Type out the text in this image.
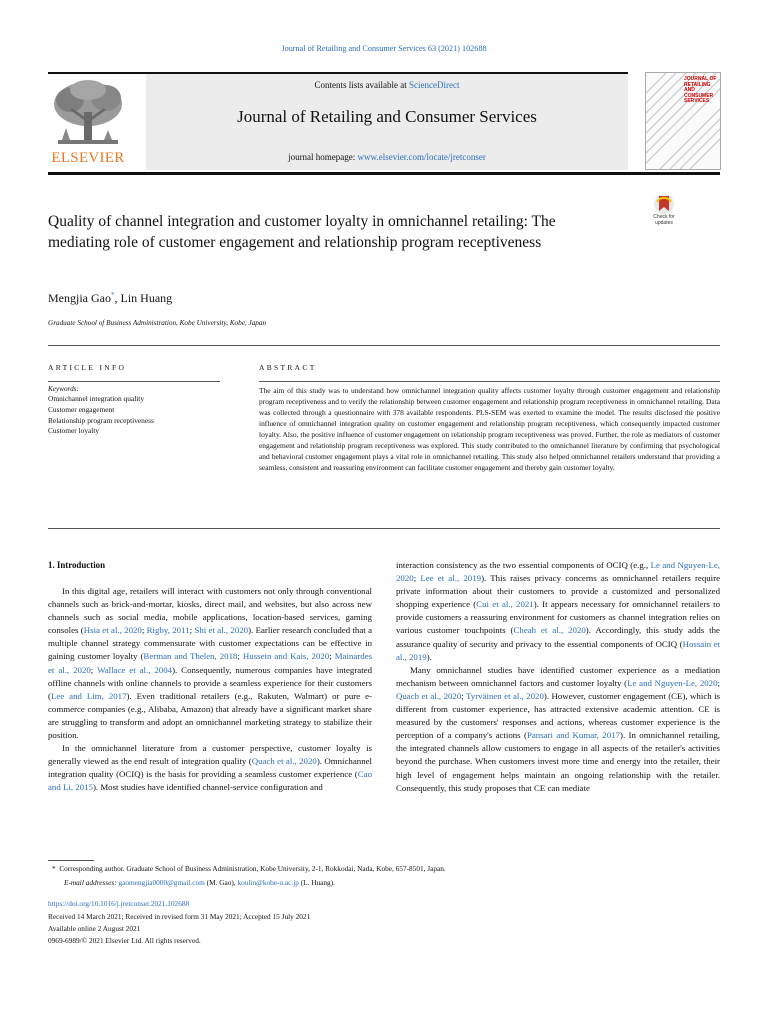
Journal of Retailing and Consumer Services 63 (2021) 102688
ELSEVIER
Contents lists available at ScienceDirect
Journal of Retailing and Consumer Services
journal homepage: www.elsevier.com/locate/jretconser
JOURNAL OF RETAILING AND CONSUMER SERVICES
Quality of channel integration and customer loyalty in omnichannel retailing: The mediating role of customer engagement and relationship program receptiveness
Check for updates
Mengjia Gao*, Lin Huang
Graduate School of Business Administration, Kobe University, Kobe, Japan
ARTICLE INFO	ABSTRACT
Keywords:
Omnichannel integration quality
Customer engagement
Relationship program receptiveness
Customer loyalty
The aim of this study was to understand how omnichannel integration quality affects customer loyalty through customer engagement and relationship program receptiveness and to verify the relationship between customer engagement and relationship program receptiveness in omnichannel retailing. Data was collected through a questionnaire with 378 available respondents. PLS-SEM was exerted to examine the model. The results disclosed the positive influence of omnichannel integration quality on customer engagement and relationship program receptiveness, which consequently impacted customer loyalty. Also, the positive influence of customer engagement on relationship program receptiveness was proved. Further, the role as mediators of customer engagement and relationship program receptiveness was explored. This study contributed to the omnichannel literature by confirming that psychological and behavioral customer engagement plays a vital role in omnichannel retailing. This study also helped omnichannel retailers understand that providing a seamless, consistent and reassuring environment can facilitate customer engagement and thereby gain customer loyalty.
1. Introduction

In this digital age, retailers will interact with customers not only through conventional channels such as brick-and-mortar, kiosks, direct mail, and websites, but also across new channels such as social media, mobile applications, location-based services, gaming consoles (Hsia et al., 2020; Rigby, 2011; Shi et al., 2020). Earlier research concluded that a multiple channel strategy commensurate with customer expectations can be effective in gaining customer loyalty (Berman and Thelen, 2018; Hussein and Kais, 2020; Mainardes et al., 2020; Wallace et al., 2004). Consequently, numerous companies have integrated offline channels with online channels to provide a seamless experience for their customers (Lee and Lim, 2017). Even traditional retailers (e.g., Rakuten, Walmart) or pure e-commerce companies (e.g., Alibaba, Amazon) that already have a significant market share are struggling to transform and adopt an omnichannel marketing strategy to stabilize their position.

In the omnichannel literature from a customer perspective, customer loyalty is generally viewed as the end result of integration quality (Quach et al., 2020). Omnichannel integration quality (OCIQ) is the basis for providing a seamless customer experience (Cao and Li, 2015). Most studies have identified channel-service configuration and

interaction consistency as the two essential components of OCIQ (e.g., Le and Nguyen-Le, 2020; Lee et al., 2019). This raises privacy concerns as omnichannel retailers require private information about their customers to provide a customized and personalized shopping experience (Cui et al., 2021). It appears necessary for omnichannel retailers to provide customers a reassuring environment for customers as channel integration relies on various customer touchpoints (Cheah et al., 2020). Accordingly, this study adds the assurance quality of security and privacy to the essential components of OCIQ (Hossain et al., 2019).

Many omnichannel studies have identified customer experience as a mediation mechanism between omnichannel factors and customer loyalty (Le and Nguyen-Le, 2020; Quach et al., 2020; Tyrväinen et al., 2020). However, customer engagement (CE), which is different from customer experience, has attracted extensive academic attention. CE is measured by the customers' responses and actions, whereas customer experience is the perception of a company's actions (Pansari and Kumar, 2017). In omnichannel retailing, the integrated channels allow customers to engage in all aspects of the retailer's activities beyond the purchase. When customers invest more time and energy into the retailer, their high level of engagement helps maintain an ongoing relationship with the retailer. Consequently, this study proposes that CE can mediate

* Corresponding author. Graduate School of Business Administration, Kobe University, 2-1, Rokkodai, Nada, Kobe, 657-8501, Japan.
E-mail addresses: gaomengjia0000@gmail.com (M. Gao), koulin@kobe-u.ac.jp (L. Huang).
https://doi.org/10.1016/j.jretconser.2021.102688
Received 14 March 2021; Received in revised form 31 May 2021; Accepted 15 July 2021
Available online 2 August 2021
0969-6989/© 2021 Elsevier Ltd. All rights reserved.
